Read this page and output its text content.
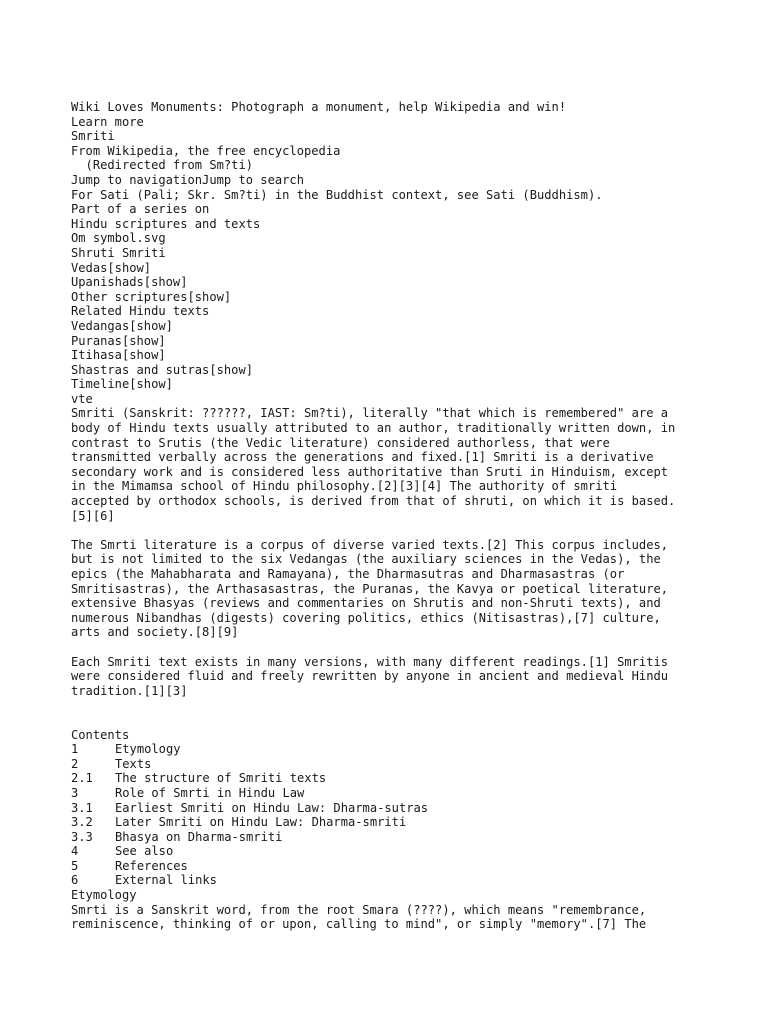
Wiki Loves Monuments: Photograph a monument, help Wikipedia and win!
Learn more
Smriti
From Wikipedia, the free encyclopedia
(Redirected from Sm?ti)
Jump to navigationJump to search
For Sati (Pali; Skr. Sm?ti) in the Buddhist context, see Sati (Buddhism).
Part of a series on
Hindu scriptures and texts
Om symbol.svg
Shruti Smriti
Vedas[show]
Upanishads[show]
Other scriptures[show]
Related Hindu texts
Vedangas[show]
Puranas[show]
Itihasa[show]
Shastras and sutras[show]
Timeline[show]
vte
Smriti (Sanskrit: ??????, IAST: Sm?ti), literally "that which is remembered" are a
body of Hindu texts usually attributed to an author, traditionally written down, in
contrast to Srutis (the Vedic literature) considered authorless, that were
transmitted verbally across the generations and fixed.[1] Smriti is a derivative
secondary work and is considered less authoritative than Sruti in Hinduism, except
in the Mimamsa school of Hindu philosophy.[2][3][4] The authority of smriti
accepted by orthodox schools, is derived from that of shruti, on which it is based.
[5][6]
The Smrti literature is a corpus of diverse varied texts.[2] This corpus includes,
but is not limited to the six Vedangas (the auxiliary sciences in the Vedas), the
epics (the Mahabharata and Ramayana), the Dharmasutras and Dharmasastras (or
Smritisastras), the Arthasasastras, the Puranas, the Kavya or poetical literature,
extensive Bhasyas (reviews and commentaries on Shrutis and non-Shruti texts), and
numerous Nibandhas (digests) covering politics, ethics (Nitisastras),[7] culture,
arts and society.[8][9]
Each Smriti text exists in many versions, with many different readings.[1] Smritis
were considered fluid and freely rewritten by anyone in ancient and medieval Hindu
tradition.[1][3]
Contents
1	Etymology
2	Texts
2.1	The structure of Smriti texts
3	Role of Smrti in Hindu Law
3.1	Earliest Smriti on Hindu Law: Dharma-sutras
3.2	Later Smriti on Hindu Law: Dharma-smriti
3.3	Bhasya on Dharma-smriti
4	See also
5	References
6	External links
Etymology
Smrti is a Sanskrit word, from the root Smara (????), which means "remembrance,
reminiscence, thinking of or upon, calling to mind", or simply "memory".[7] The
